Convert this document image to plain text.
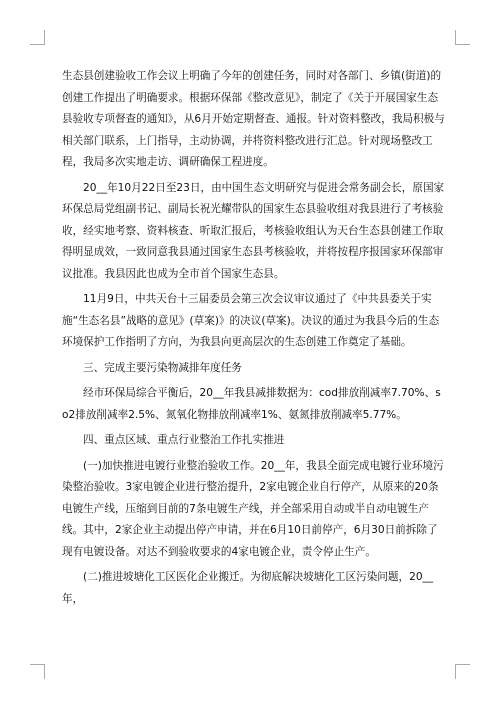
生态县创建验收工作会议上明确了今年的创建任务，同时对各部门、乡镇(街道)的创建工作提出了明确要求。根据环保部《整改意见》，制定了《关于开展国家生态县验收专项督查的通知》，从6月开始定期督查、通报。针对资料整改，我局积极与相关部门联系，上门指导，主动协调，并将资料整改进行汇总。针对现场整改工程，我局多次实地走访、调研确保工程进度。

20__年10月22日至23日，由中国生态文明研究与促进会常务副会长，原国家环保总局党组副书记、副局长祝光耀带队的国家生态县验收组对我县进行了考核验收，经实地考察、资料核查、听取汇报后，考核验收组认为天台生态县创建工作取得明显成效，一致同意我县通过国家生态县考核验收，并将按程序报国家环保部审议批准。我县因此也成为全市首个国家生态县。

11月9日，中共天台十三届委员会第三次会议审议通过了《中共县委关于实施“生态名县”战略的意见》(草案)》的决议(草案)。决议的通过为我县今后的生态环境保护工作指明了方向，为我县向更高层次的生态创建工作奠定了基础。

三、完成主要污染物减排年度任务

经市环保局综合平衡后，20__年我县减排数据为：cod排放削减率7.70%、so2排放削减率2.5%、氮氧化物排放削减率1%、氨氮排放削减率5.77%。

四、重点区域、重点行业整治工作扎实推进

(一)加快推进电镀行业整治验收工作。20__年，我县全面完成电镀行业环境污染整治验收。3家电镀企业进行整治提升，2家电镀企业自行停产，从原来的20条电镀生产线，压缩到目前的7条电镀生产线，并全部采用自动或半自动电镀生产线。其中，2家企业主动提出停产申请，并在6月10日前停产，6月30日前拆除了现有电镀设备。对达不到验收要求的4家电镀企业，责令停止生产。

(二)推进坡塘化工区医化企业搬迁。为彻底解决坡塘化工区污染问题，20__年，
